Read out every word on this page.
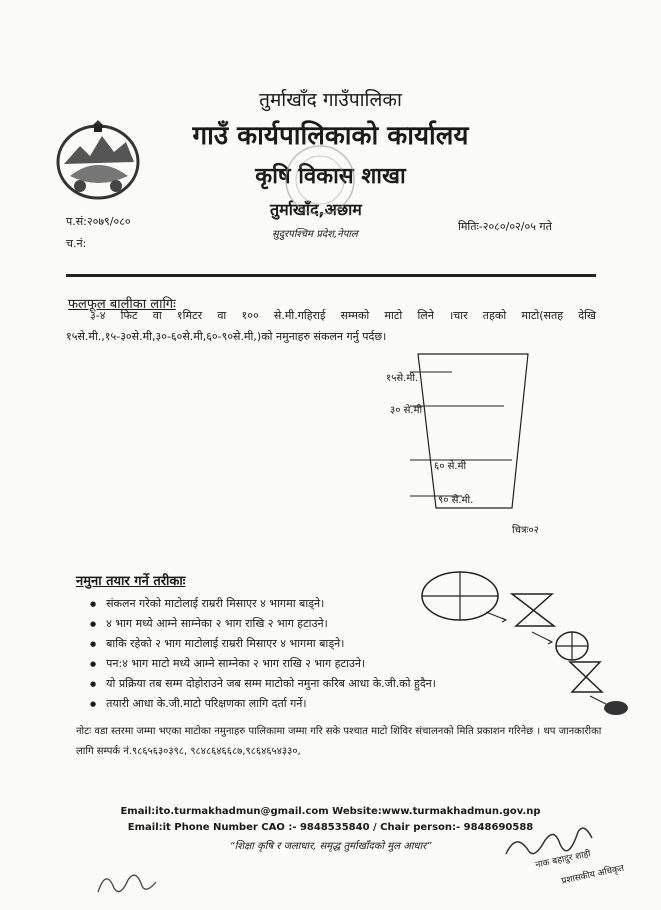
तुर्माखाँद गाउँपालिका
गाउँ कार्यपालिकाको कार्यालय
कृषि विकास शाखा
तुर्माखाँद,अछाम
सुदुरपश्चिम प्रदेश,नेपाल
प.सं:२०७९/०८०
च.नं:
मितिः-२०८०/०२/०५ गते
फलफूल बालीका लागिः
३-४ फिट वा १मिटर वा १०० से.मी.गहिराई सम्मको माटो लिने ।चार तहको माटो(सतह देखि १५से.मी.,१५-३०से.मी,३०-६०से.मी,६०-९०से.मी,)को नमुनाहरु संकलन गर्नु पर्दछ।
१५से.मी.
३० से.मी
६० से.मी
९० से.मी.
चित्रः०२
नमुना तयार गर्ने तरीकाः
● संकलन गरेको माटोलाई राम्ररी मिसाएर ४ भागमा बाड्ने।
● ४ भाग मध्ये आम्ने साम्नेका २ भाग राखि २ भाग हटाउने।
● बाकि रहेको २ भाग माटोलाई राम्ररी मिसाएर ४ भागमा बाड्ने।
● पन:४ भाग माटो मध्ये आम्ने साम्नेका २ भाग राखि २ भाग हटाउने।
● यो प्रक्रिया तब सम्म दोहोराउने जब सम्म माटोको नमुना करिब आधा के.जी.को हुदैन।
● तयारी आधा के.जी.माटो परिक्षणका लागि दर्ता गर्ने।
नोटः वडा स्तरमा जम्मा भएका माटोका नमुनाहरु पालिकामा जम्मा गरि सके पश्चात माटो शिविर संचालनको मिति प्रकाशन गरिनेछ । थप जानकारीका लागि सम्पर्क नं.९८६५६३०३९८, ९८४८६४६६८७,९८६४६५४३३०,
Email:ito.turmakhadmun@gmail.com Website:www.turmakhadmun.gov.np
Email:it Phone Number CAO :- 9848535840 / Chair person:- 9848690588
“शिक्षा कृषि र जलाधार, समृद्ध तुर्माखाँदको मुल आधार”
नाक बहादुर शाही
प्रशासकीय अधिकृत
